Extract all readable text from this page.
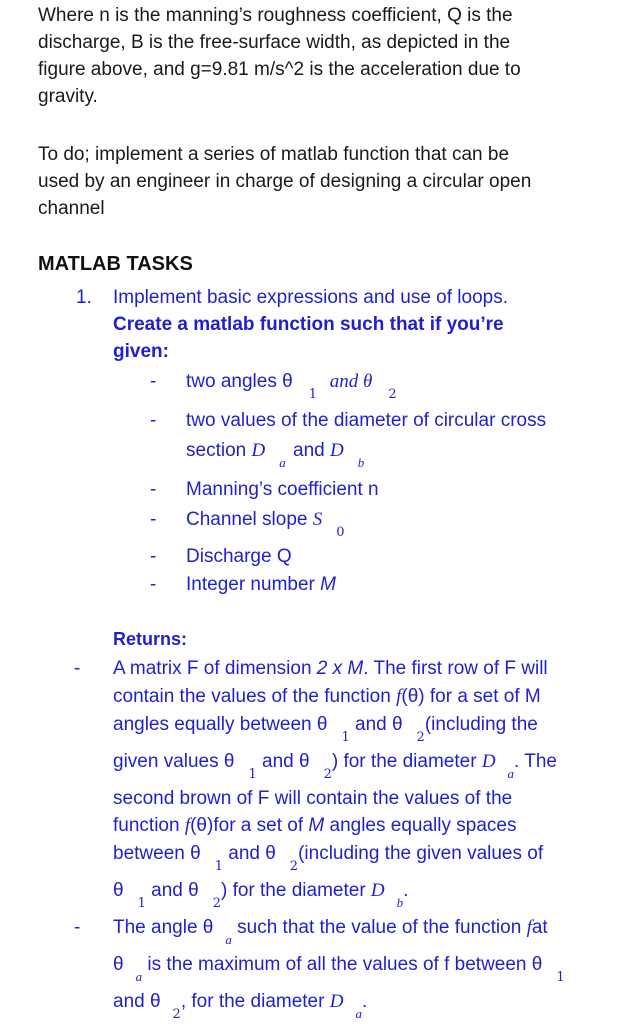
Where n is the manning’s roughness coefficient, Q is the
discharge, B is the free-surface width, as depicted in the
figure above, and g=9.81 m/s^2 is the acceleration due to
gravity.
To do; implement a series of matlab function that can be
used by an engineer in charge of designing a circular open
channel
MATLAB TASKS
1. Implement basic expressions and use of loops.
Create a matlab function such that if you’re
given:
- two angles $\theta_1$ and $\theta_2$
- two values of the diameter of circular cross
section $D_a$ and $D_b$
- Manning’s coefficient n
- Channel slope $S_0$
- Discharge Q
- Integer number M
Returns:
- A matrix F of dimension 2 x M. The first row of F will
contain the values of the function f(θ) for a set of M
angles equally between $\theta_1$ and $\theta_2(including$ the
given values $\theta_1$ and $\theta_2$) for the diameter $D_a$. The
second brown of F will contain the values of the
function f(θ)for a set of M angles equally spaces
between $\theta_1$ and $\theta_2(including$ the given values of
$\theta_1$ and $\theta_2$) for the diameter $D_b$.
- The angle $\theta_a$ such that the value of the function fat
$\theta_a$ is the maximum of all the values of f between $\theta_1$
and $\theta_2$, for the diameter $D_a$.
